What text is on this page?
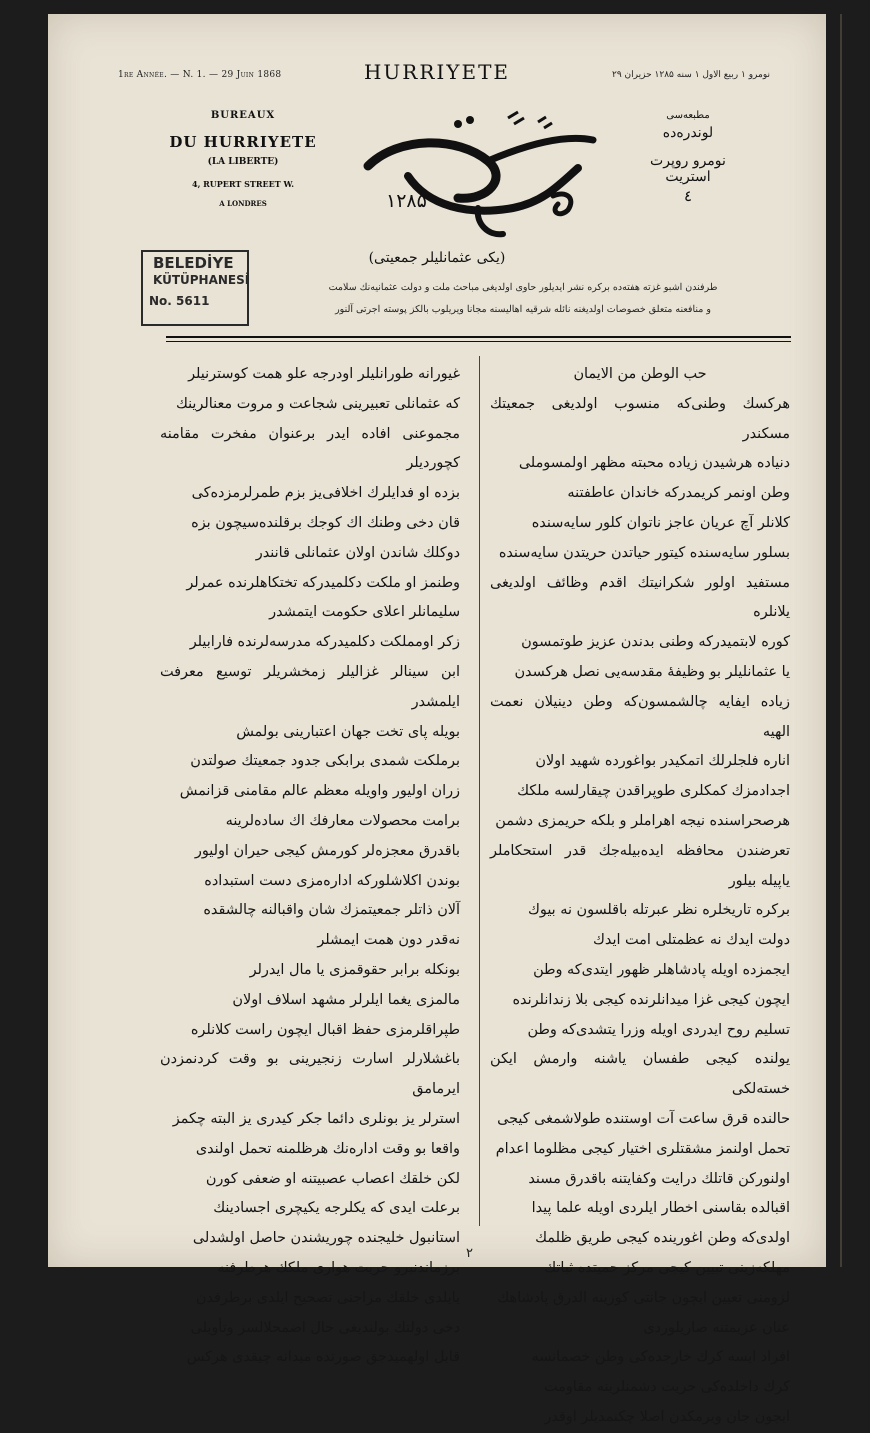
1re Année. — N. 1. — 29 Juin 1868	HURRIYETE	نومرو ۱ ربیع الاول ۱ سنه ۱۲۸۵ حزیران ۲۹
BUREAUX
DU HURRIYETE
(LA LIBERTE)
4, RUPERT STREET W.
A LONDRES	۱۲۸۵
مطبعه‌سی
لوندره‌ده
نومرو روپرت استریت
٤
(یکی عثمانلیلر جمعیتی)
BELEDİYE
KÜTÜPHANESİ
No. 5611
طرفندن اشبو غزته هفته‌ده برکره نشر ایدیلور حاوی اولدیغی مباحث ملت و دولت عثمانیه‌نك سلامت
و منافعنه متعلق خصوصات اولدیغنه نائله شرقیه اهالیسنه مجانا ویریلوب بالکز پوسته اجرتی آلنور

حب الوطن من الایمان

هرکسك وطنی‌که منسوب اولدیغی جمعیتك مسکندر

دنیاده هرشیدن زیاده محبته مظهر اولمسوملی

وطن اونمر کریمدرکه خاندان عاطفتنه

کلانلر آچ عریان عاجز ناتوان کلور سایه‌سنده

بسلور سایه‌سنده کیتور حیاتدن حریتدن سایه‌سنده

مستفید اولور شکرانیتك اقدم وظائف اولدیغی یلانلره

کوره لابتمیدرکه وطنی بدندن عزیز طوتمسون

یا عثمانلیلر بو وظیفهٔ مقدسه‌یی نصل هرکسدن

زیاده ایفایه چالشمسون‌که وطن دینیلان نعمت الهیه

اناره فلجلرلك اتمکیدر بواغورده شهید اولان

اجدادمزك کمکلری طوپراقدن چیقارلسه ملکك

هرصحراسنده نیجه اهراملر و بلکه حریمزی دشمن

تعرضندن محافظه ایده‌بیله‌جك قدر استحکاملر یاپیله بیلور

برکره تاریخلره نظر عبرتله باقلسون نه بیوك

دولت ایدك نه عظمتلی امت ایدك

ایجمزده اویله پادشاهلر ظهور ایتدی‌که وطن

ایچون کیجی غزا میدانلرنده کیجی بلا زندانلرنده

تسلیم روح ایدردی اویله وزرا یتشدی‌که وطن

یولنده کیجی طفسان یاشنه وارمش ایکن خسته‌لکی

حالنده قرق ساعت آت اوستنده طولاشمغی کیجی

تحمل اولنمز مشقتلری اختیار کیجی مظلوما اعدام

اولنورکن قاتلك درایت وکفایتنه باقدرق مسند

اقبالده بقاسنی اخطار ایلردی اویله علما پیدا

اولدی‌که وطن اغورینده کیجی طریق ظلمك

مهلکه‌زینی تبیین کیجی مرکز حمیتده ثباتك

لزومنی تعیین ایچون جانتی کوزینه الدرق پادشاهك

عنان عزیمتنه صاریلوردی

افراد ایسه کرك خارجده‌کی وطن خصمانسه

کرك داخلده‌کی حریت دشمنلرینه مقاومت

ایچون جان ویرمکدن اصلا چکنمدیلر اوقدر

غیورانه طورانلیلر اودرجه علو همت کوسترنیلر

که عثمانلی تعبیرینی شجاعت و مروت معنالرینك

مجموعنی افاده ایدر برعنوان مفخرت مقامنه کچوردیلر

بزده او فدایلرك اخلافی‌یز بزم طمرلرمزده‌کی

قان دخی وطنك اك کوجك برقلنده‌سیچون بزه

دوکلك شاندن اولان عثمانلی قانندر

وطنمز او ملکت دکلمیدرکه تختکاهلرنده عمرلر

سلیمانلر اعلای حکومت ایتمشدر

زکر اومملکت دکلمیدرکه مدرسه‌لرنده فارابیلر

ابن سینالر غزالیلر زمخشریلر توسیع معرفت ایلمشدر

بویله پای تخت جهان اعتبارینی بولمش

برملکت شمدی برابکی جدود جمعیتك صولتدن

زران اولیور واویله معظم عالم مقامنی قزانمش

برامت محصولات معارفك اك ساده‌لرینه

باقدرق معجزه‌لر کورمش کیجی حیران اولیور

بوندن اکلاشلورکه اداره‌مزی دست استبداده

آلان ذاتلر جمعیتمزك شان واقبالنه چالشقده

نه‌قدر دون همت ایمشلر

بونکله برابر حقوقمزی یا مال ایدرلر

مالمزی یغما ایلرلر مشهد اسلاف اولان

طپراقلرمزی حفظ اقبال ایچون راست کلانلره

باغشلارلر اسارت زنجیرینی بو وقت کردنمزدن ایرمامق

استرلر یز بونلری دائما جکر کیدری یز البته چکمز

واقعا بو وقت اداره‌نك هرظلمنه تحمل اولندی

لکن خلقك اعصاب عصبیتنه او ضعفی کورن

برعلت ایدی که یکلرجه یکیچری اجسادینك

استانبول خلیجنده چوریشندن حاصل اولشدلی

برزماندنبرو حریت هواری ملکك هرطرفنه

یایلدی خلقك مزاجنی تصحیح ایلدی برطرفدن

دخی دولتك بولندیغی حال اضمحلالسز وتأویلی

قابل اولهمیدجق صورتده میدانه چیقدی هرکس

٢
